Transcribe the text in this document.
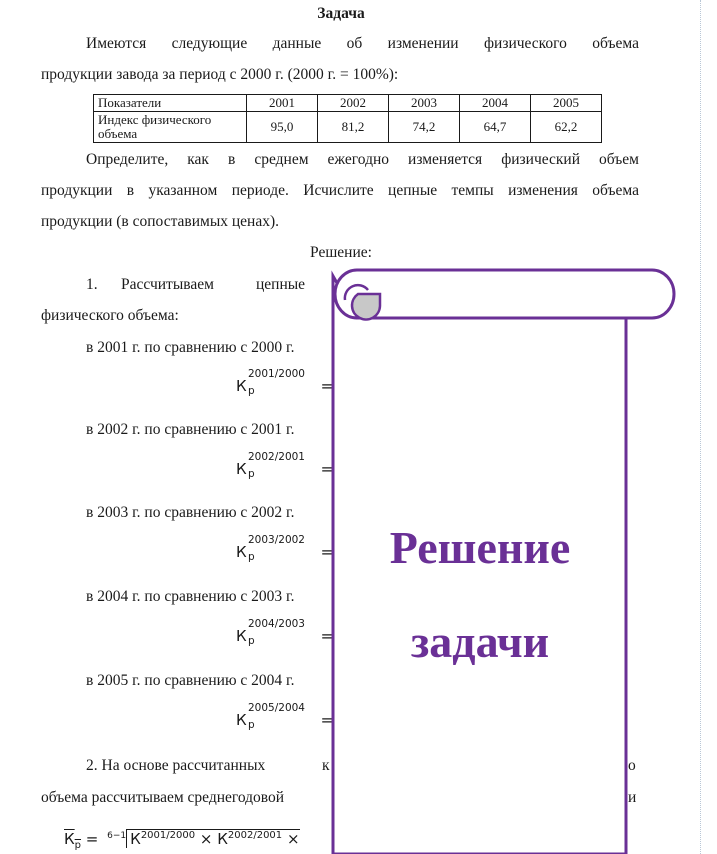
Задача
Имеются следующие данные об изменении физического объема
продукции завода за период с 2000 г. (2000 г. = 100%):
Показатели	2001	2002	2003	2004	2005

Индекс физического
объема	95,0	81,2	74,2	64,7	62,2
Определите, как в среднем ежегодно изменяется физический объем
продукции в указанном периоде. Исчислите цепные темпы изменения объема
продукции (в сопоставимых ценах).
Решение:
1. Рассчитываем	цепные
физического объема:
в 2001 г. по сравнению с 2000 г.
К
2001/2000
р	=
в 2002 г. по сравнению с 2001 г.
К
2002/2001
р	=
в 2003 г. по сравнению с 2002 г.
К
2003/2002
р	=
в 2004 г. по сравнению с 2003 г.
К
2004/2003
р	=
в 2005 г. по сравнению с 2004 г.
К
2005/2004
р	=
2. На основе рассчитанных	к	о
объема рассчитываем среднегодовой	и
$К_р = ^{6-1}$ $К^{2001/2000} \times К^{2002/2001}$ ×
Решение
задачи
